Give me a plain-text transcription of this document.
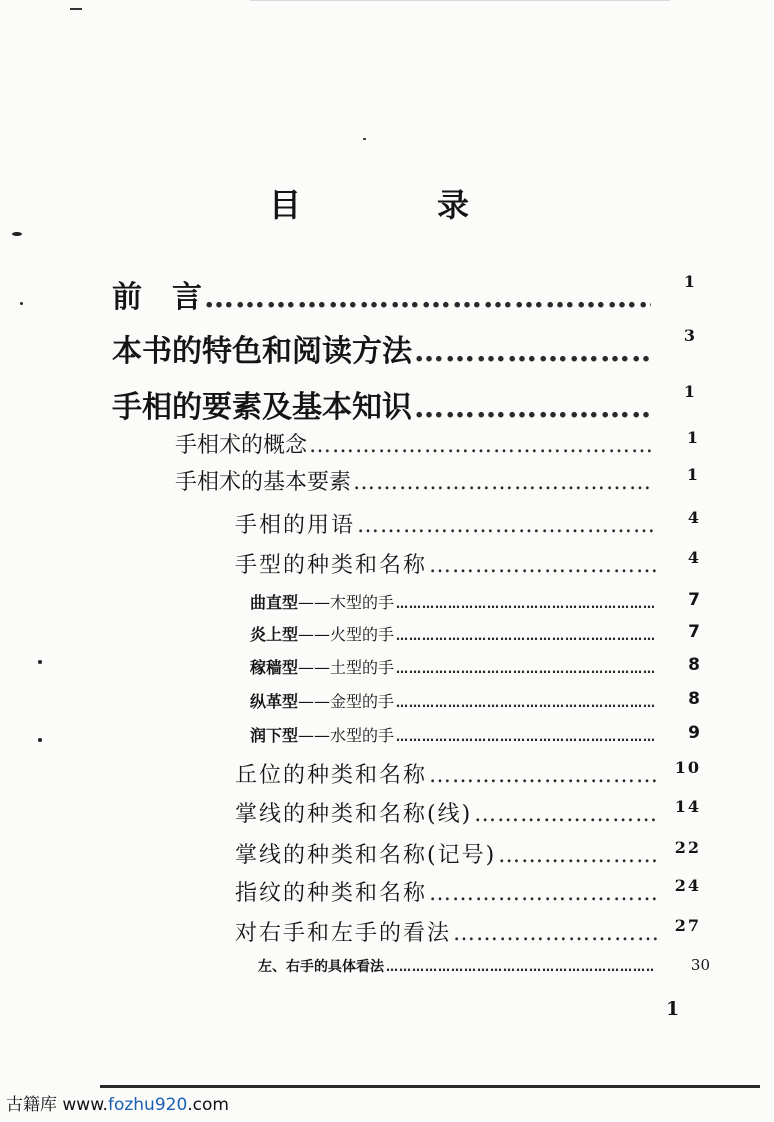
目	录
前　言 …………………………………………………………………………………………	1
本书的特色和阅读方法 …………………………………………………………………………………………	3
手相的要素及基本知识 …………………………………………………………………………………………	1
手相术的概念 …………………………………………………………………………………………	1
手相术的基本要素 …………………………………………………………………………………………	1
手相的用语 …………………………………………………………………………………………	4
手型的种类和名称 …………………………………………………………………………………………	4
曲直型 ——木型的手 …………………………………………………………………………………………	7
炎上型 ——火型的手 …………………………………………………………………………………………	7
稼穑型 ——土型的手 …………………………………………………………………………………………	8
纵革型 ——金型的手 …………………………………………………………………………………………	8
润下型 ——水型的手 …………………………………………………………………………………………	9
丘位的种类和名称 …………………………………………………………………………………………	10
掌线的种类和名称(线) …………………………………………………………………………………………	14
掌线的种类和名称(记号) …………………………………………………………………………………………	22
指纹的种类和名称 …………………………………………………………………………………………	24
对右手和左手的看法 …………………………………………………………………………………………	27
左、右手的具体看法 …………………………………………………………………………………………	30
1
古籍库 www.fozhu920.com
